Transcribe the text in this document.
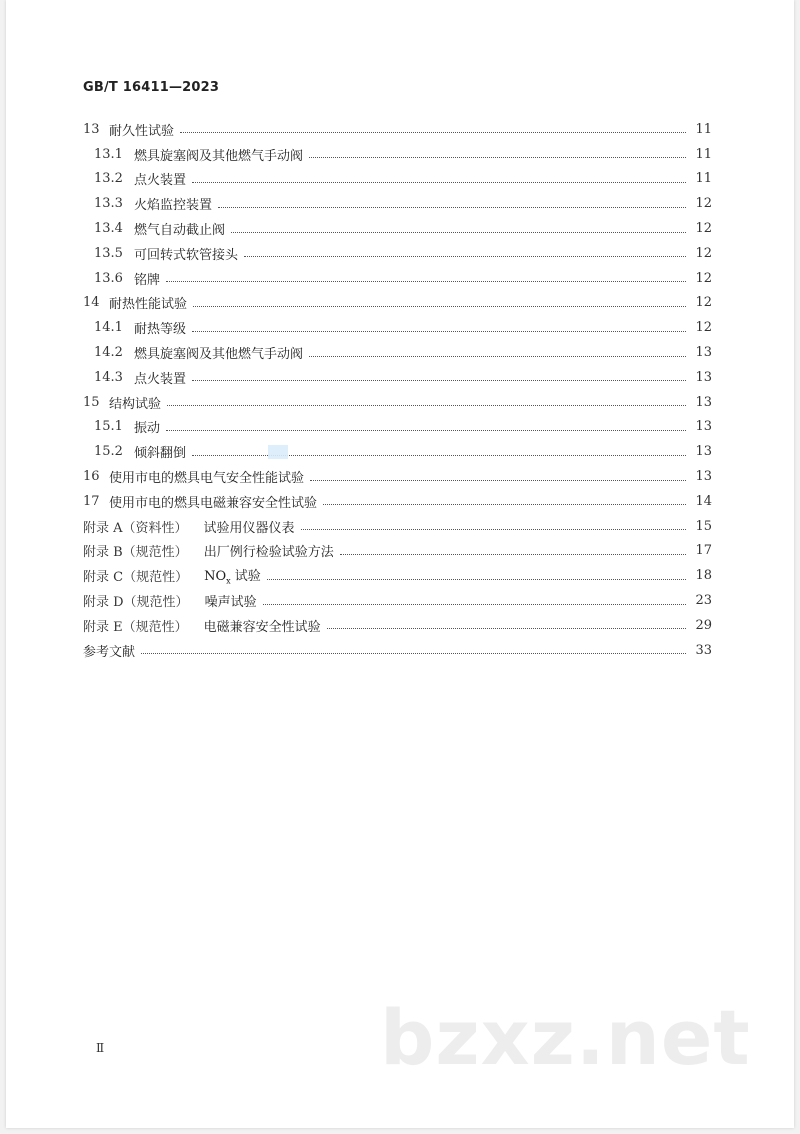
GB/T 16411—2023
13 耐久性试验	11
13.1 燃具旋塞阀及其他燃气手动阀	11
13.2 点火装置	11
13.3 火焰监控装置	12
13.4 燃气自动截止阀	12
13.5 可回转式软管接头	12
13.6 铭牌	12
14 耐热性能试验	12
14.1 耐热等级	12
14.2 燃具旋塞阀及其他燃气手动阀	13
14.3 点火装置	13
15 结构试验	13
15.1 振动	13
15.2 倾斜翻倒	13
16 使用市电的燃具电气安全性能试验	13
17 使用市电的燃具电磁兼容安全性试验	14
附录 A（资料性） 试验用仪器仪表	15
附录 B（规范性） 出厂例行检验试验方法	17
附录 C（规范性） $NO_x$ 试验	18
附录 D（规范性） 噪声试验	23
附录 E（规范性） 电磁兼容安全性试验	29
参考文献	33
Ⅱ	bzxz.net
